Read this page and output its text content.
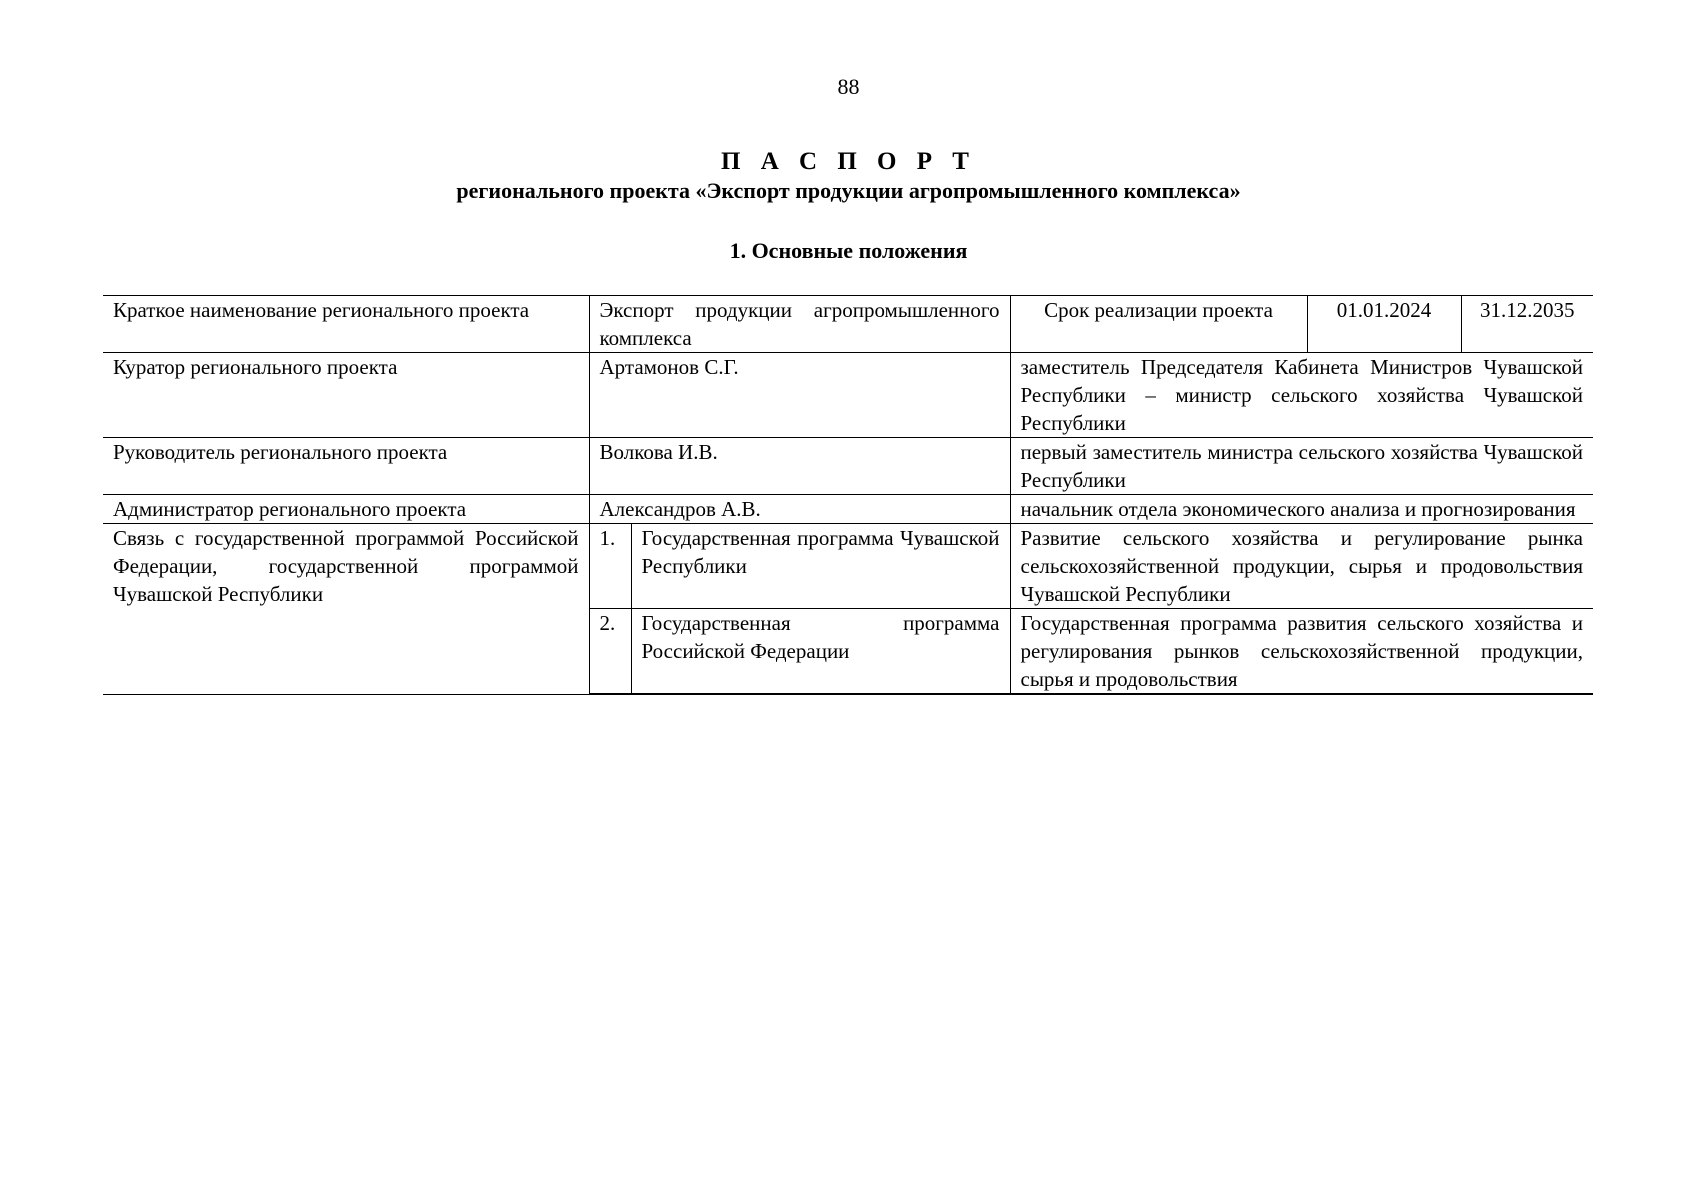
88
П А С П О Р Т
регионального проекта «Экспорт продукции агропромышленного комплекса»
1. Основные положения
Краткое наименование регионального проекта	Экспорт продукции агропромышленного комплекса		Срок реализации проекта	01.01.2024	31.12.2035
Куратор регионального проекта	Артамонов С.Г.		заместитель Председателя Кабинета Министров Чувашской Республики – министр сельского хозяйства Чувашской Республики		
Руководитель регионального проекта	Волкова И.В.		первый заместитель министра сельского хозяйства Чувашской Республики		
Администратор регионального проекта	Александров А.В.		начальник отдела экономического анализа и прогнозирования		
Связь с государственной программой Российской Федерации, государственной программой Чувашской Республики	1.	Государственная программа Чувашской Республики	Развитие сельского хозяйства и регулирование рынка сельскохозяйственной продукции, сырья и продовольствия Чувашской Республики		
	2.	Государственная программа Российской Федерации	Государственная программа развития сельского хозяйства и регулирования рынков сельскохозяйственной продукции, сырья и продовольствия		
